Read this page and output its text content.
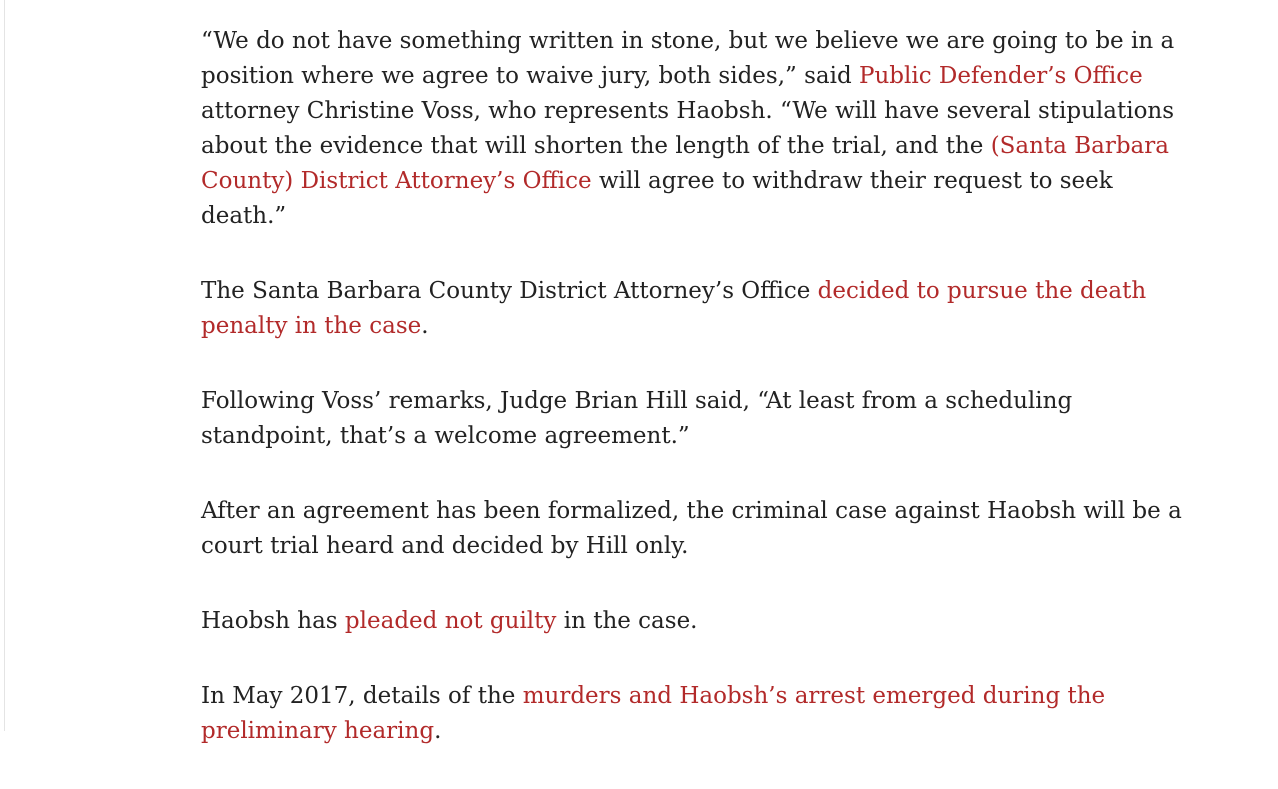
“We do not have something written in stone, but we believe we are going to be in a position where we agree to waive jury, both sides,” said Public Defender’s Office attorney Christine Voss, who represents Haobsh. “We will have several stipulations about the evidence that will shorten the length of the trial, and the (Santa Barbara County) District Attorney’s Office will agree to withdraw their request to seek death.”

The Santa Barbara County District Attorney’s Office decided to pursue the death penalty in the case.

Following Voss’ remarks, Judge Brian Hill said, “At least from a scheduling standpoint, that’s a welcome agreement.”

After an agreement has been formalized, the criminal case against Haobsh will be a court trial heard and decided by Hill only.

Haobsh has pleaded not guilty in the case.

In May 2017, details of the murders and Haobsh’s arrest emerged during the preliminary hearing.
